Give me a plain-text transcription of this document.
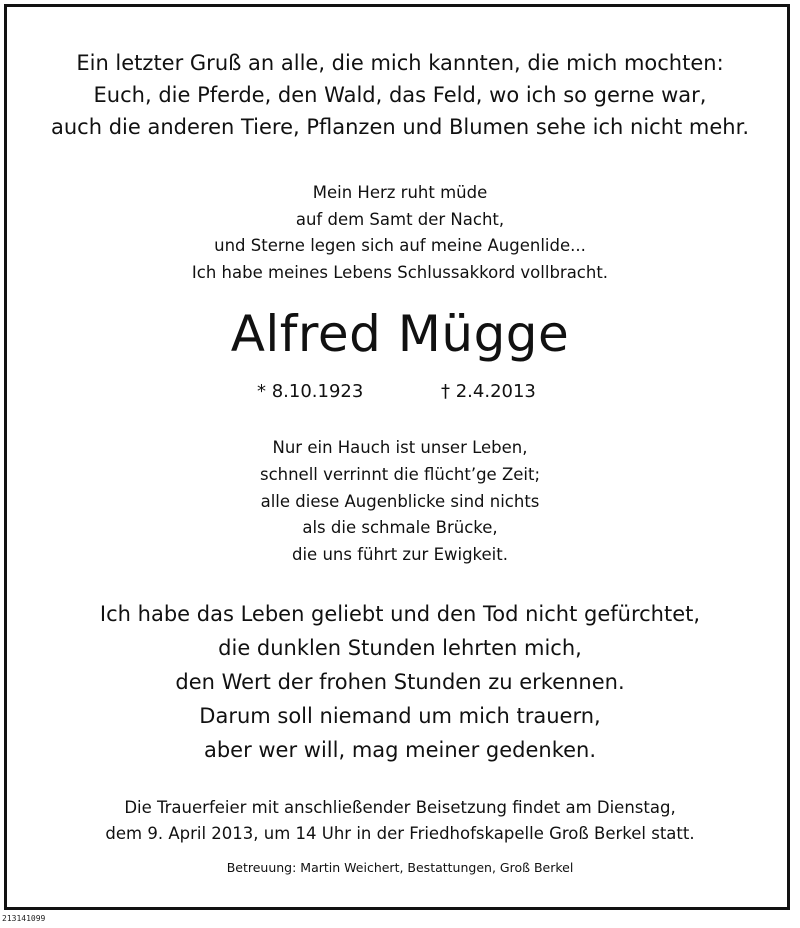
Ein letzter Gruß an alle, die mich kannten, die mich mochten:
Euch, die Pferde, den Wald, das Feld, wo ich so gerne war,
auch die anderen Tiere, Pflanzen und Blumen sehe ich nicht mehr.

Mein Herz ruht müde
auf dem Samt der Nacht,
und Sterne legen sich auf meine Augenlide...
Ich habe meines Lebens Schlussakkord vollbracht.

Alfred Mügge
* 8.10.1923	† 2.4.2013

Nur ein Hauch ist unser Leben,
schnell verrinnt die flücht’ge Zeit;
alle diese Augenblicke sind nichts
als die schmale Brücke,
die uns führt zur Ewigkeit.

Ich habe das Leben geliebt und den Tod nicht gefürchtet,
die dunklen Stunden lehrten mich,
den Wert der frohen Stunden zu erkennen.
Darum soll niemand um mich trauern,
aber wer will, mag meiner gedenken.

Die Trauerfeier mit anschließender Beisetzung findet am Dienstag,
dem 9. April 2013, um 14 Uhr in der Friedhofskapelle Groß Berkel statt.

Betreuung: Martin Weichert, Bestattungen, Groß Berkel

213141099
